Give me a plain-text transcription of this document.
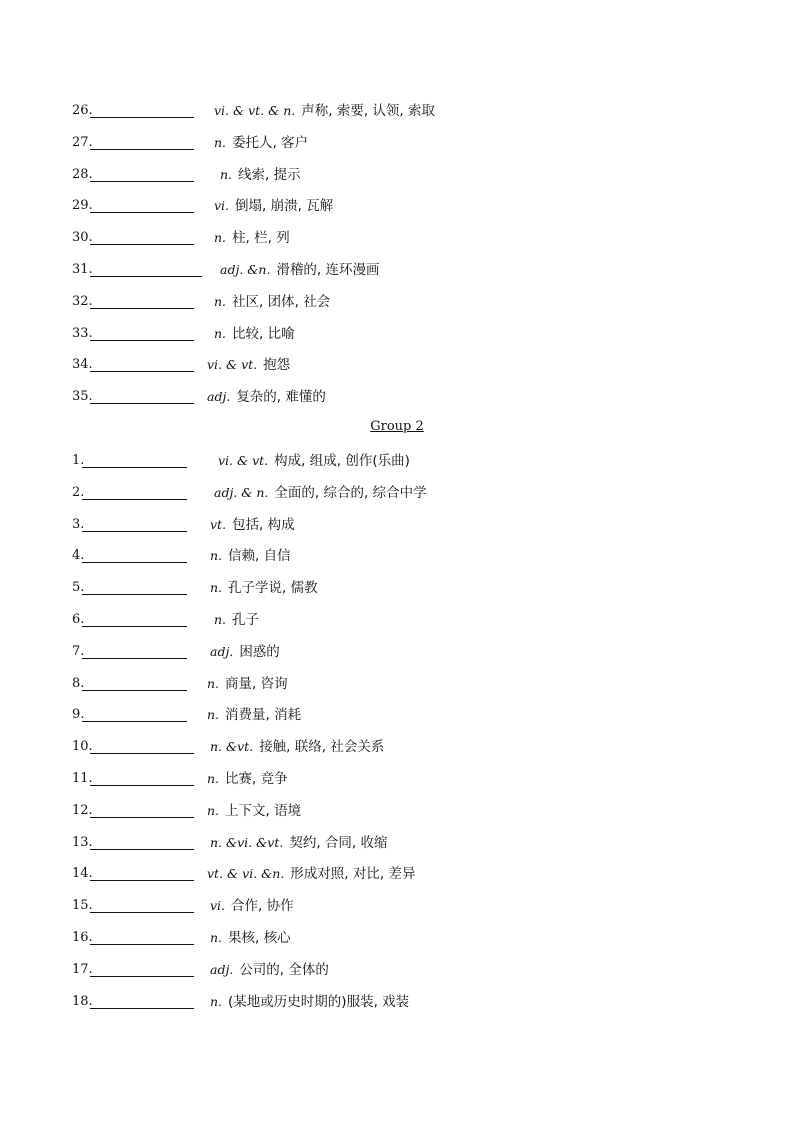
26.	vi. & vt. & n. 声称, 索要, 认领, 索取
27.	n. 委托人, 客户
28.	n. 线索, 提示
29.	vi. 倒塌, 崩溃, 瓦解
30.	n. 柱, 栏, 列
31.	adj. &n. 滑稽的, 连环漫画
32.	n. 社区, 团体, 社会
33.	n. 比较, 比喻
34.	vi. & vt. 抱怨
35.	adj. 复杂的, 难懂的
Group 2
1.	vi. & vt. 构成, 组成, 创作(乐曲)
2.	adj. & n. 全面的, 综合的, 综合中学
3.	vt. 包括, 构成
4.	n. 信赖, 自信
5.	n. 孔子学说, 儒教
6.	n. 孔子
7.	adj. 困惑的
8.	n. 商量, 咨询
9.	n. 消费量, 消耗
10.	n. &vt. 接触, 联络, 社会关系
11.	n. 比赛, 竞争
12.	n. 上下文, 语境
13.	n. &vi. &vt. 契约, 合同, 收缩
14.	vt. & vi. &n. 形成对照, 对比, 差异
15.	vi. 合作, 协作
16.	n. 果核, 核心
17.	adj. 公司的, 全体的
18.	n. (某地或历史时期的)服装, 戏装
